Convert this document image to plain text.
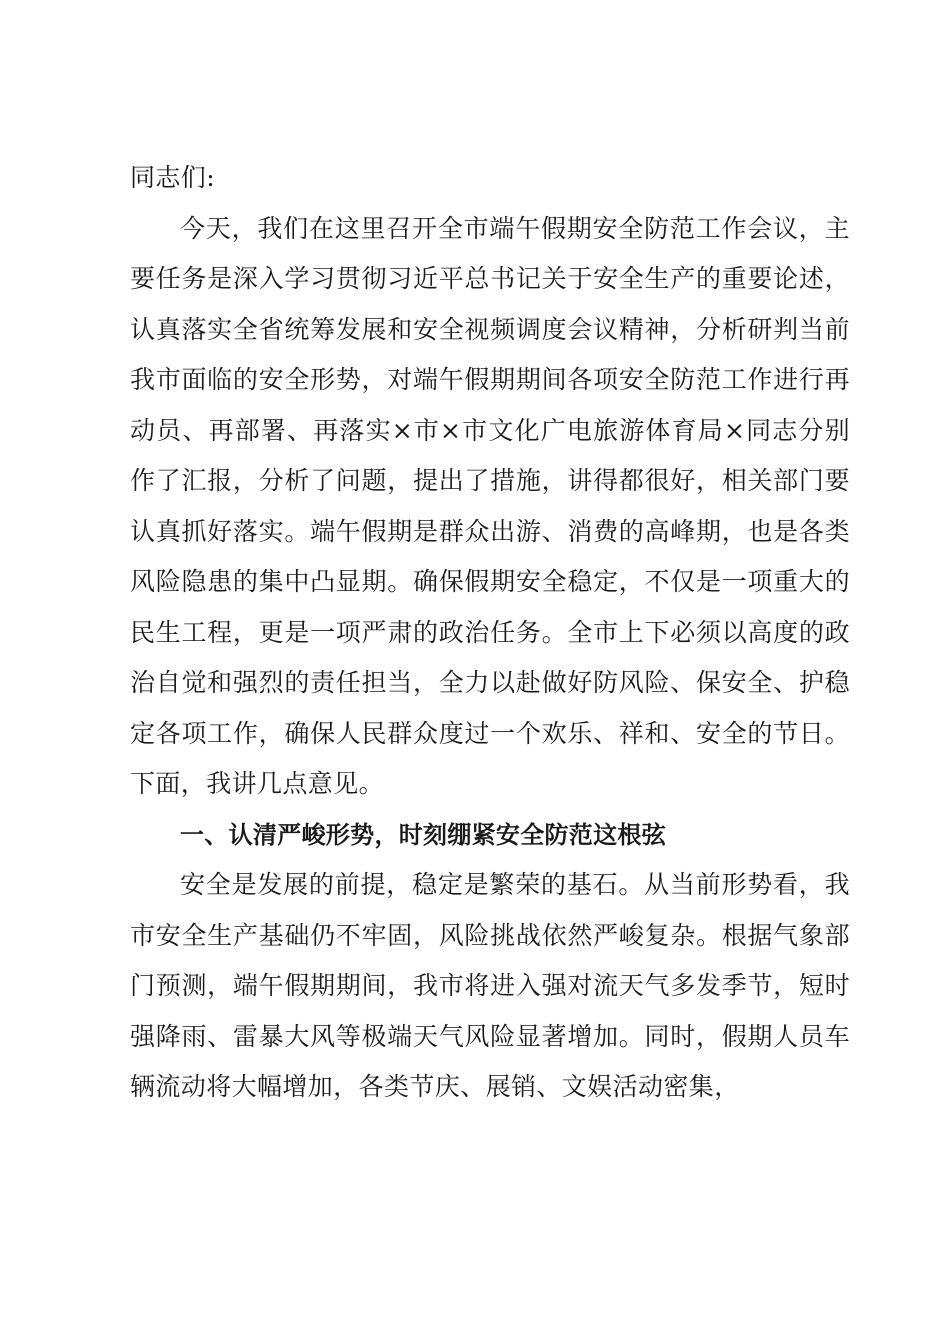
同志们:

今天，我们在这里召开全市端午假期安全防范工作会议，主要任务是深入学习贯彻习近平总书记关于安全生产的重要论述，认真落实全省统筹发展和安全视频调度会议精神，分析研判当前我市面临的安全形势，对端午假期期间各项安全防范工作进行再动员、再部署、再落实×市×市文化广电旅游体育局×同志分别作了汇报，分析了问题，提出了措施，讲得都很好，相关部门要认真抓好落实。端午假期是群众出游、消费的高峰期，也是各类风险隐患的集中凸显期。确保假期安全稳定，不仅是一项重大的民生工程，更是一项严肃的政治任务。全市上下必须以高度的政治自觉和强烈的责任担当，全力以赴做好防风险、保安全、护稳定各项工作，确保人民群众度过一个欢乐、祥和、安全的节日。下面，我讲几点意见。

一、认清严峻形势，时刻绷紧安全防范这根弦

安全是发展的前提，稳定是繁荣的基石。从当前形势看，我市安全生产基础仍不牢固，风险挑战依然严峻复杂。根据气象部门预测，端午假期期间，我市将进入强对流天气多发季节，短时强降雨、雷暴大风等极端天气风险显著增加。同时，假期人员车辆流动将大幅增加，各类节庆、展销、文娱活动密集，
